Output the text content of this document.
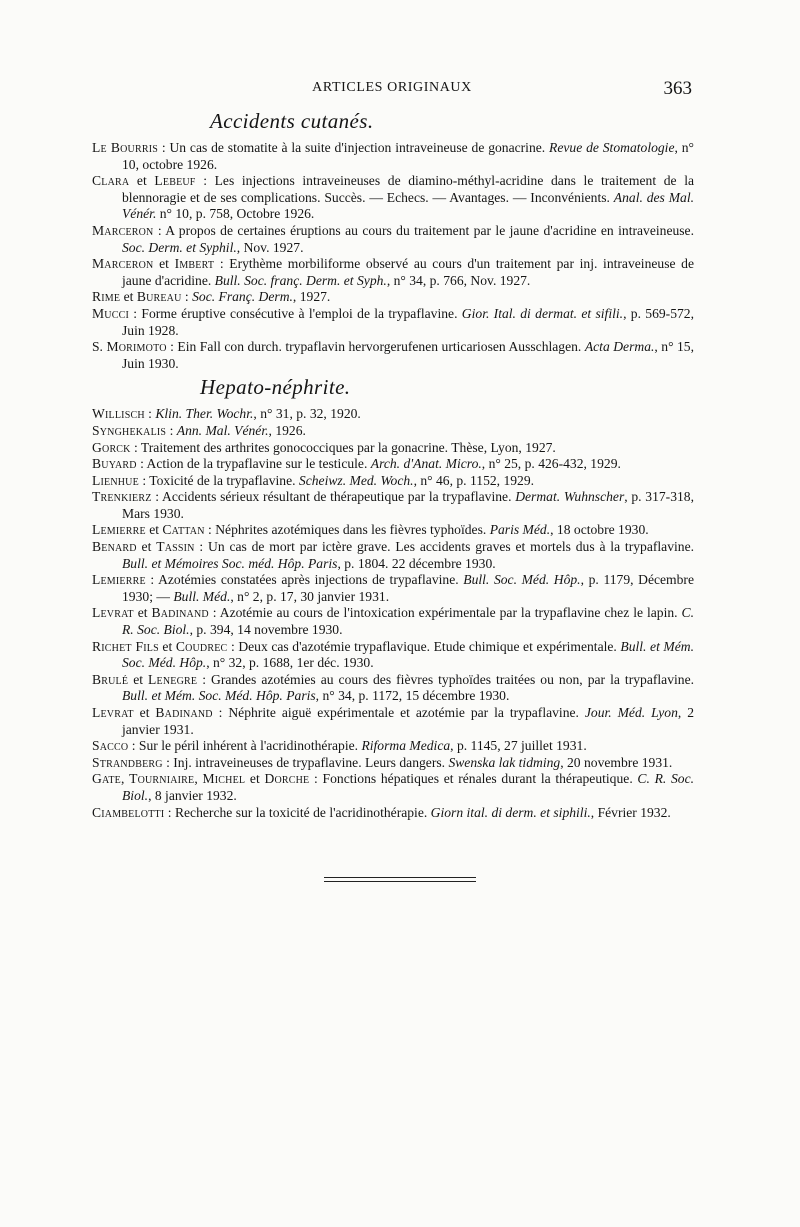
ARTICLES ORIGINAUX	363
Accidents cutanés.

Le Bourris : Un cas de stomatite à la suite d'injection intraveineuse de gonacrine. Revue de Stomatologie, n° 10, octobre 1926.

Clara et Lebeuf : Les injections intraveineuses de diamino-méthyl-acridine dans le traitement de la blennoragie et de ses complications. Succès. — Echecs. — Avantages. — Inconvénients. Anal. des Mal. Vénér. n° 10, p. 758, Octobre 1926.

Marceron : A propos de certaines éruptions au cours du traitement par le jaune d'acridine en intraveineuse. Soc. Derm. et Syphil., Nov. 1927.

Marceron et Imbert : Erythème morbiliforme observé au cours d'un traitement par inj. intraveineuse de jaune d'acridine. Bull. Soc. franç. Derm. et Syph., n° 34, p. 766, Nov. 1927.

Rime et Bureau : Soc. Franç. Derm., 1927.

Mucci : Forme éruptive consécutive à l'emploi de la trypaflavine. Gior. Ital. di dermat. et sifili., p. 569-572, Juin 1928.

S. Morimoto : Ein Fall con durch. trypaflavin hervorgerufenen urticariosen Ausschlagen. Acta Derma., n° 15, Juin 1930.

Hepato-néphrite.

Willisch : Klin. Ther. Wochr., n° 31, p. 32, 1920.

Synghekalis : Ann. Mal. Vénér., 1926.

Gorck : Traitement des arthrites gonococciques par la gonacrine. Thèse, Lyon, 1927.

Buyard : Action de la trypaflavine sur le testicule. Arch. d'Anat. Micro., n° 25, p. 426-432, 1929.

Lienhue : Toxicité de la trypaflavine. Scheiwz. Med. Woch., n° 46, p. 1152, 1929.

Trenkierz : Accidents sérieux résultant de thérapeutique par la trypaflavine. Dermat. Wuhnscher, p. 317-318, Mars 1930.

Lemierre et Cattan : Néphrites azotémiques dans les fièvres typhoïdes. Paris Méd., 18 octobre 1930.

Benard et Tassin : Un cas de mort par ictère grave. Les accidents graves et mortels dus à la trypaflavine. Bull. et Mémoires Soc. méd. Hôp. Paris, p. 1804. 22 décembre 1930.

Lemierre : Azotémies constatées après injections de trypaflavine. Bull. Soc. Méd. Hôp., p. 1179, Décembre 1930; — Bull. Méd., n° 2, p. 17, 30 janvier 1931.

Levrat et Badinand : Azotémie au cours de l'intoxication expérimentale par la trypaflavine chez le lapin. C. R. Soc. Biol., p. 394, 14 novembre 1930.

Richet Fils et Coudrec : Deux cas d'azotémie trypaflavique. Etude chimique et expérimentale. Bull. et Mém. Soc. Méd. Hôp., n° 32, p. 1688, 1er déc. 1930.

Brulé et Lenegre : Grandes azotémies au cours des fièvres typhoïdes traitées ou non, par la trypaflavine. Bull. et Mém. Soc. Méd. Hôp. Paris, n° 34, p. 1172, 15 décembre 1930.

Levrat et Badinand : Néphrite aiguë expérimentale et azotémie par la trypaflavine. Jour. Méd. Lyon, 2 janvier 1931.

Sacco : Sur le péril inhérent à l'acridinothérapie. Riforma Medica, p. 1145, 27 juillet 1931.

Strandberg : Inj. intraveineuses de trypaflavine. Leurs dangers. Swenska lak tidming, 20 novembre 1931.

Gate, Tourniaire, Michel et Dorche : Fonctions hépatiques et rénales durant la thérapeutique. C. R. Soc. Biol., 8 janvier 1932.

Ciambelotti : Recherche sur la toxicité de l'acridinothérapie. Giorn ital. di derm. et siphili., Février 1932.
